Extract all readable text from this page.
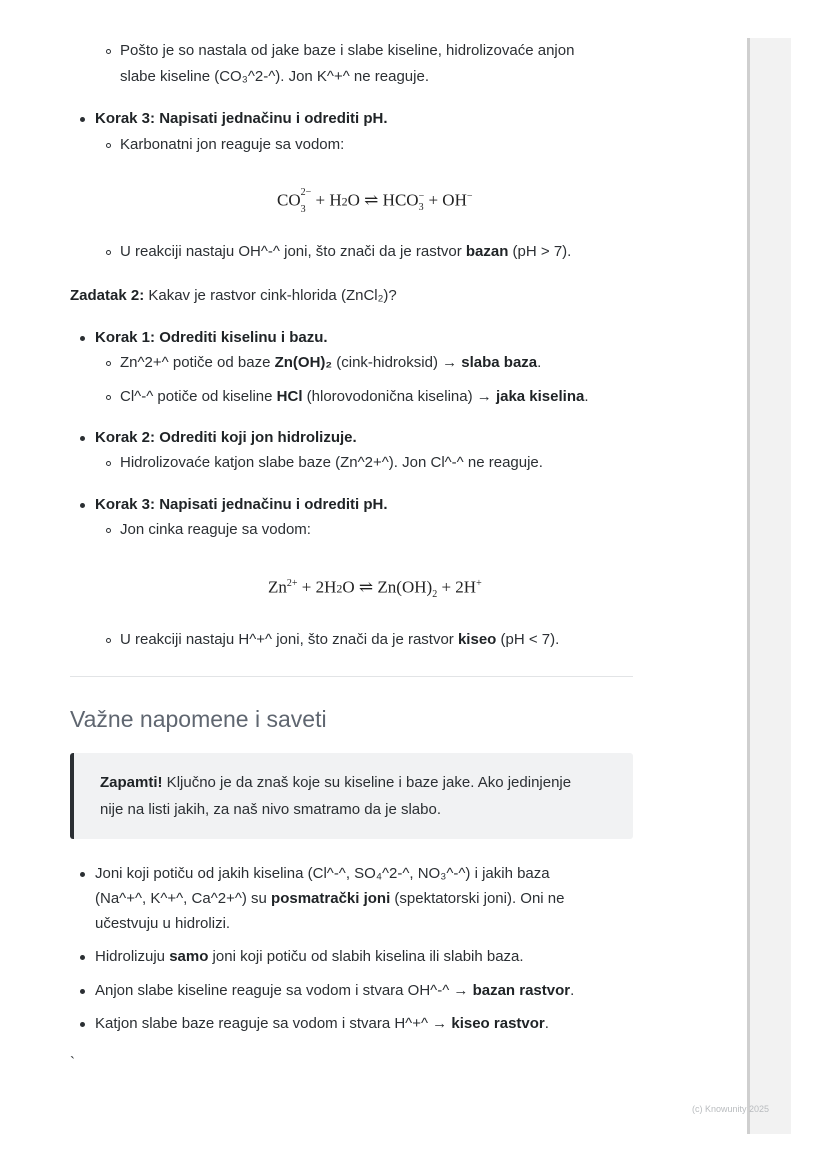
Pošto je so nastala od jake baze i slabe kiseline, hidrolizovaće anjon
slabe kiseline (CO₃^2-^). Jon K^+^ ne reaguje.
Korak 3: Napisati jednačinu i odrediti pH.
Karbonatni jon reaguje sa vodom:
$CO_3^{2-} + H2O$ ⇌ $HCO_3^- + OH^-$
U reakciji nastaju OH^-^ joni, što znači da je rastvor bazan (pH > 7).
Zadatak 2: Kakav je rastvor cink-hlorida (ZnCl₂)?
Korak 1: Odrediti kiselinu i bazu.
Zn^2+^ potiče od baze Zn(OH)₂ (cink-hidroksid) → slaba baza.
Cl^-^ potiče od kiseline HCl (hlorovodonična kiselina) → jaka kiselina.
Korak 2: Odrediti koji jon hidrolizuje.
Hidrolizovaće katjon slabe baze (Zn^2+^). Jon Cl^-^ ne reaguje.
Korak 3: Napisati jednačinu i odrediti pH.
Jon cinka reaguje sa vodom:
$Zn^{2+} + 2H2O$ ⇌ $Zn(OH)_2 + 2H^+$
U reakciji nastaju H^+^ joni, što znači da je rastvor kiseo (pH < 7).
Važne napomene i saveti
Zapamti! Ključno je da znaš koje su kiseline i baze jake. Ako jedinjenje
nije na listi jakih, za naš nivo smatramo da je slabo.
Joni koji potiču od jakih kiselina (Cl^-^, SO₄^2-^, NO₃^-^) i jakih baza
(Na^+^, K^+^, Ca^2+^) su posmatrački joni (spektatorski joni). Oni ne
učestvuju u hidrolizi.
Hidrolizuju samo joni koji potiču od slabih kiselina ili slabih baza.
Anjon slabe kiseline reaguje sa vodom i stvara OH^-^ → bazan rastvor.
Katjon slabe baze reaguje sa vodom i stvara H^+^ → kiseo rastvor.
`
(c) Knowunity 2025
